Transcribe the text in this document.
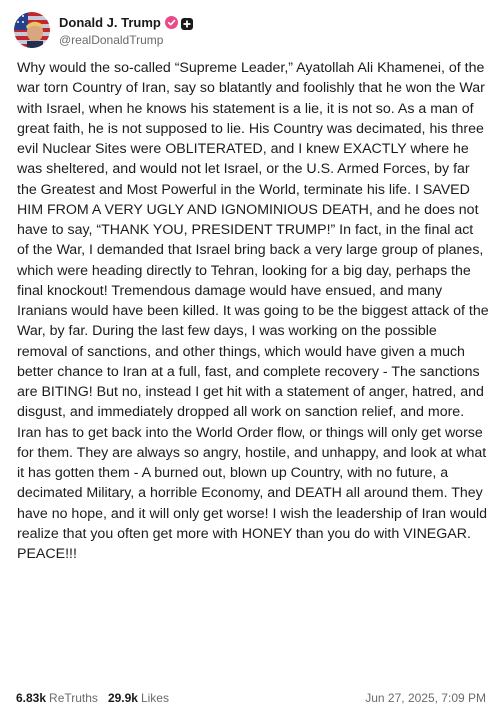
Donald J. Trump
@realDonaldTrump

Why would the so-called “Supreme Leader,” Ayatollah Ali Khamenei, of the war torn Country of Iran, say so blatantly and foolishly that he won the War with Israel, when he knows his statement is a lie, it is not so. As a man of great faith, he is not supposed to lie. His Country was decimated, his three evil Nuclear Sites were OBLITERATED, and I knew EXACTLY where he was sheltered, and would not let Israel, or the U.S. Armed Forces, by far the Greatest and Most Powerful in the World, terminate his life. I SAVED HIM FROM A VERY UGLY AND IGNOMINIOUS DEATH, and he does not have to say, “THANK YOU, PRESIDENT TRUMP!” In fact, in the final act of the War, I demanded that Israel bring back a very large group of planes, which were heading directly to Tehran, looking for a big day, perhaps the final knockout! Tremendous damage would have ensued, and many Iranians would have been killed. It was going to be the biggest attack of the War, by far. During the last few days, I was working on the possible removal of sanctions, and other things, which would have given a much better chance to Iran at a full, fast, and complete recovery - The sanctions are BITING! But no, instead I get hit with a statement of anger, hatred, and disgust, and immediately dropped all work on sanction relief, and more. Iran has to get back into the World Order flow, or things will only get worse for them. They are always so angry, hostile, and unhappy, and look at what it has gotten them - A burned out, blown up Country, with no future, a decimated Military, a horrible Economy, and DEATH all around them. They have no hope, and it will only get worse! I wish the leadership of Iran would realize that you often get more with HONEY than you do with VINEGAR. PEACE!!!

6.83k ReTruths 29.9k Likes	Jun 27, 2025, 7:09 PM
